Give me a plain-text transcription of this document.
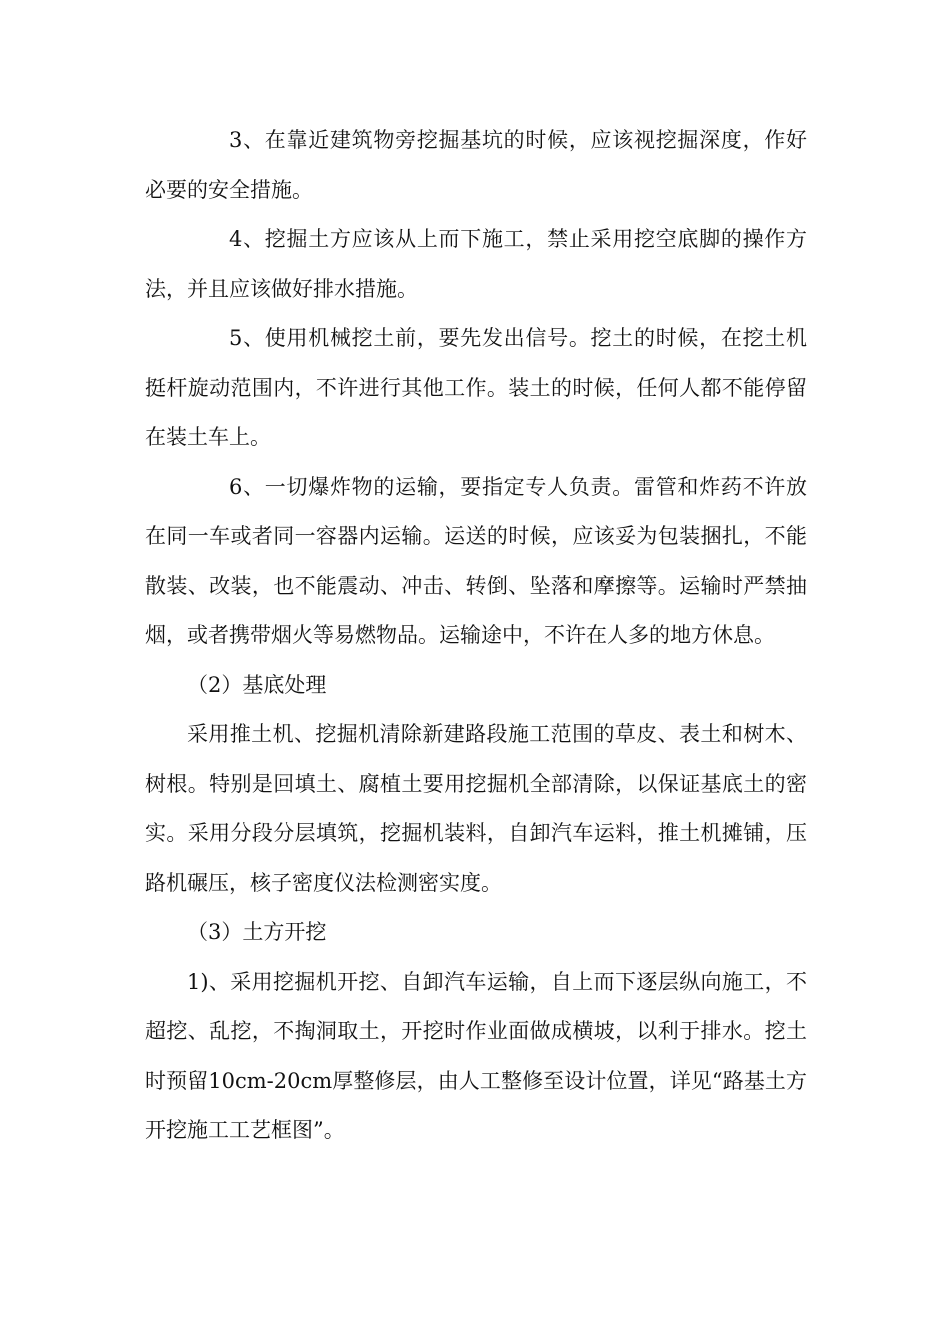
3、在靠近建筑物旁挖掘基坑的时候，应该视挖掘深度，作好必要的安全措施。

4、挖掘土方应该从上而下施工，禁止采用挖空底脚的操作方法，并且应该做好排水措施。

5、使用机械挖土前，要先发出信号。挖土的时候，在挖土机挺杆旋动范围内，不许进行其他工作。装土的时候，任何人都不能停留在装土车上。

6、一切爆炸物的运输，要指定专人负责。雷管和炸药不许放在同一车或者同一容器内运输。运送的时候，应该妥为包装捆扎，不能散装、改装，也不能震动、冲击、转倒、坠落和摩擦等。运输时严禁抽烟，或者携带烟火等易燃物品。运输途中，不许在人多的地方休息。

（2）基底处理

采用推土机、挖掘机清除新建路段施工范围的草皮、表土和树木、树根。特别是回填土、腐植土要用挖掘机全部清除，以保证基底土的密实。采用分段分层填筑，挖掘机装料，自卸汽车运料，推土机摊铺，压路机碾压，核子密度仪法检测密实度。

（3）土方开挖

1)、采用挖掘机开挖、自卸汽车运输，自上而下逐层纵向施工，不超挖、乱挖，不掏洞取土，开挖时作业面做成横坡，以利于排水。挖土时预留10cm-20cm厚整修层，由人工整修至设计位置，详见“路基土方开挖施工工艺框图”。
